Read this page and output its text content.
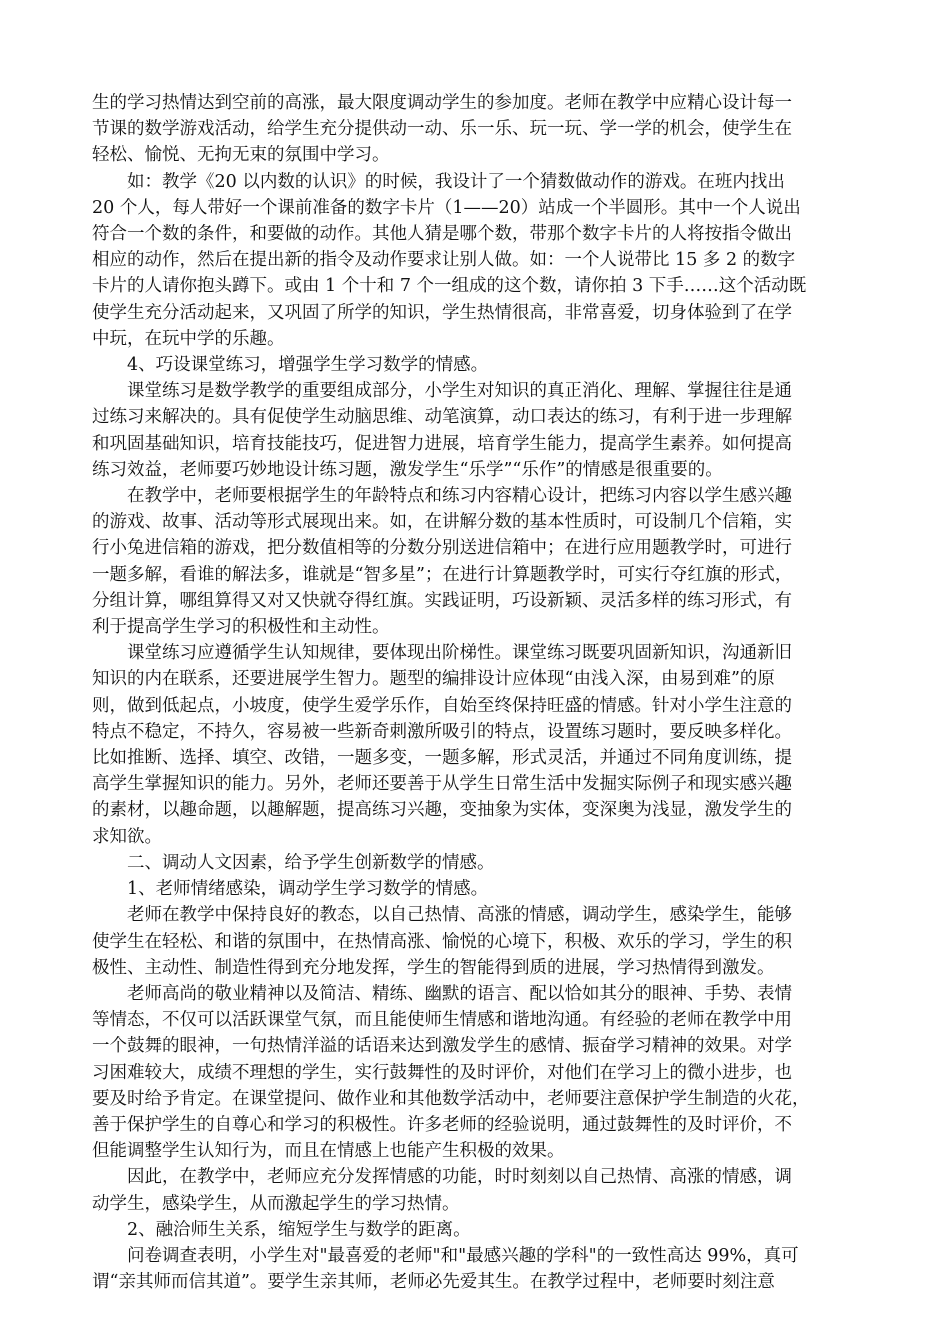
生的学习热情达到空前的高涨，最大限度调动学生的参加度。老师在教学中应精心设计每一
节课的数学游戏活动，给学生充分提供动一动、乐一乐、玩一玩、学一学的机会，使学生在
轻松、愉悦、无拘无束的氛围中学习。
如：教学《20 以内数的认识》的时候，我设计了一个猜数做动作的游戏。在班内找出
20 个人，每人带好一个课前准备的数字卡片（1——20）站成一个半圆形。其中一个人说出
符合一个数的条件，和要做的动作。其他人猜是哪个数，带那个数字卡片的人将按指令做出
相应的动作，然后在提出新的指令及动作要求让别人做。如：一个人说带比 15 多 2 的数字
卡片的人请你抱头蹲下。或由 1 个十和 7 个一组成的这个数，请你拍 3 下手……这个活动既
使学生充分活动起来，又巩固了所学的知识，学生热情很高，非常喜爱，切身体验到了在学
中玩，在玩中学的乐趣。
4、巧设课堂练习，增强学生学习数学的情感。
课堂练习是数学教学的重要组成部分，小学生对知识的真正消化、理解、掌握往往是通
过练习来解决的。具有促使学生动脑思维、动笔演算，动口表达的练习，有利于进一步理解
和巩固基础知识，培育技能技巧，促进智力进展，培育学生能力，提高学生素养。如何提高
练习效益，老师要巧妙地设计练习题，激发学生“乐学”“乐作”的情感是很重要的。
在教学中，老师要根据学生的年龄特点和练习内容精心设计，把练习内容以学生感兴趣
的游戏、故事、活动等形式展现出来。如，在讲解分数的基本性质时，可设制几个信箱，实
行小兔进信箱的游戏，把分数值相等的分数分别送进信箱中；在进行应用题教学时，可进行
一题多解，看谁的解法多，谁就是“智多星”；在进行计算题教学时，可实行夺红旗的形式，
分组计算，哪组算得又对又快就夺得红旗。实践证明，巧设新颖、灵活多样的练习形式，有
利于提高学生学习的积极性和主动性。
课堂练习应遵循学生认知规律，要体现出阶梯性。课堂练习既要巩固新知识，沟通新旧
知识的内在联系，还要进展学生智力。题型的编排设计应体现“由浅入深，由易到难”的原
则，做到低起点，小坡度，使学生爱学乐作，自始至终保持旺盛的情感。针对小学生注意的
特点不稳定，不持久，容易被一些新奇刺激所吸引的特点，设置练习题时，要反映多样化。
比如推断、选择、填空、改错，一题多变，一题多解，形式灵活，并通过不同角度训练，提
高学生掌握知识的能力。另外，老师还要善于从学生日常生活中发掘实际例子和现实感兴趣
的素材，以趣命题，以趣解题，提高练习兴趣，变抽象为实体，变深奥为浅显，激发学生的
求知欲。
二、调动人文因素，给予学生创新数学的情感。
1、老师情绪感染，调动学生学习数学的情感。
老师在教学中保持良好的教态，以自己热情、高涨的情感，调动学生，感染学生，能够
使学生在轻松、和谐的氛围中，在热情高涨、愉悦的心境下，积极、欢乐的学习，学生的积
极性、主动性、制造性得到充分地发挥，学生的智能得到质的进展，学习热情得到激发。
老师高尚的敬业精神以及简洁、精练、幽默的语言、配以恰如其分的眼神、手势、表情
等情态，不仅可以活跃课堂气氛，而且能使师生情感和谐地沟通。有经验的老师在教学中用
一个鼓舞的眼神，一句热情洋溢的话语来达到激发学生的感情、振奋学习精神的效果。对学
习困难较大，成绩不理想的学生，实行鼓舞性的及时评价，对他们在学习上的微小进步，也
要及时给予肯定。在课堂提问、做作业和其他数学活动中，老师要注意保护学生制造的火花，
善于保护学生的自尊心和学习的积极性。许多老师的经验说明，通过鼓舞性的及时评价，不
但能调整学生认知行为，而且在情感上也能产生积极的效果。
因此，在教学中，老师应充分发挥情感的功能，时时刻刻以自己热情、高涨的情感，调
动学生，感染学生，从而激起学生的学习热情。
2、融洽师生关系，缩短学生与数学的距离。
问卷调查表明，小学生对"最喜爱的老师"和"最感兴趣的学科"的一致性高达 99%，真可
谓“亲其师而信其道”。要学生亲其师，老师必先爱其生。在教学过程中，老师要时刻注意
